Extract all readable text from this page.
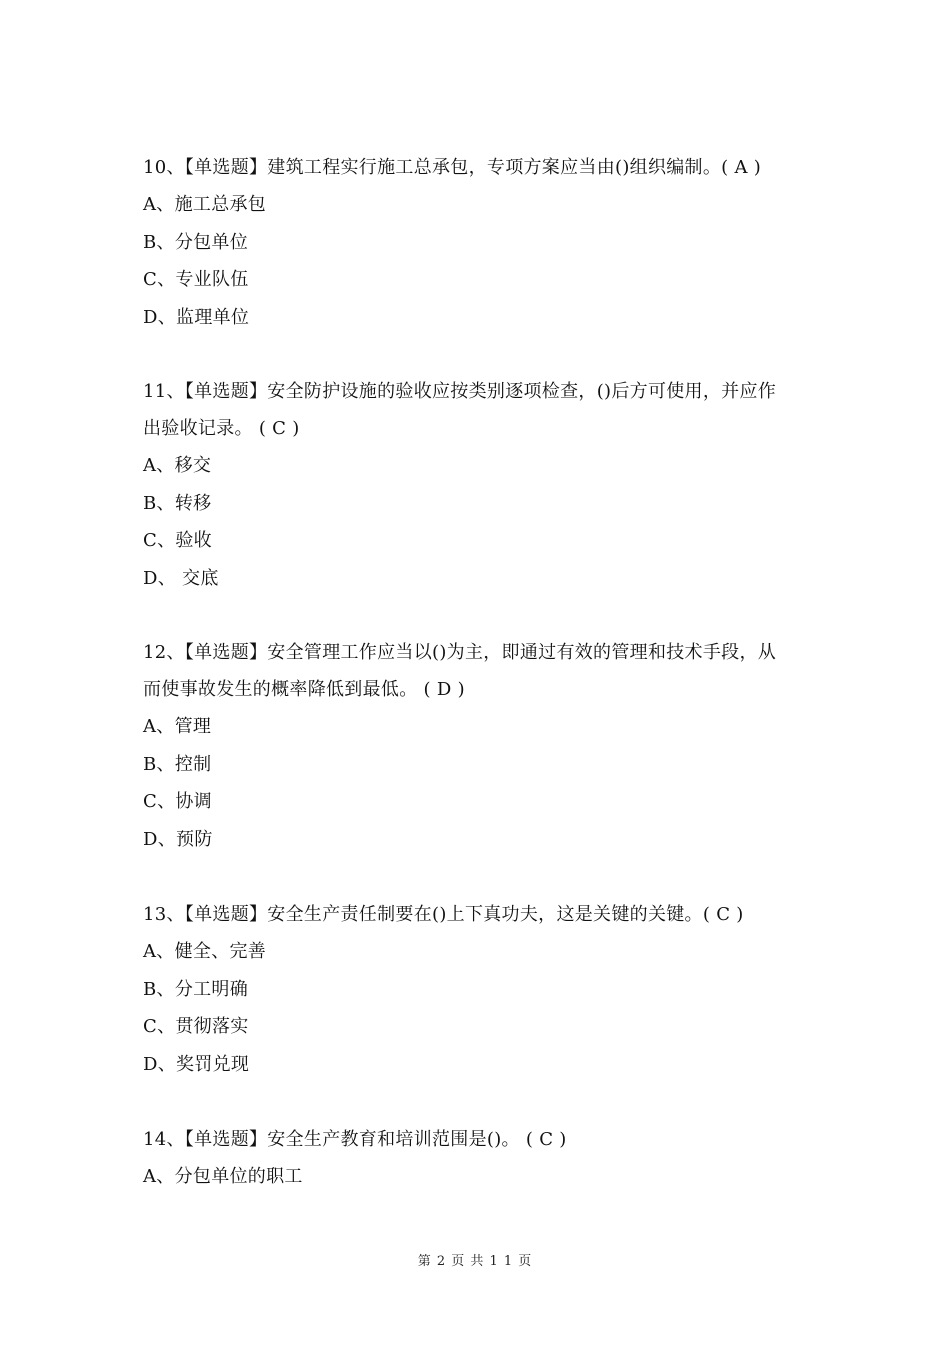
10、【单选题】建筑工程实行施工总承包，专项方案应当由()组织编制。( A )
A、施工总承包
B、分包单位
C、专业队伍
D、监理单位
11、【单选题】安全防护设施的验收应按类别逐项检查，()后方可使用，并应作
出验收记录。 ( C )
A、移交
B、转移
C、验收
D、 交底
12、【单选题】安全管理工作应当以()为主，即通过有效的管理和技术手段，从
而使事故发生的概率降低到最低。 ( D )
A、管理
B、控制
C、协调
D、预防
13、【单选题】安全生产责任制要在()上下真功夫，这是关键的关键。( C )
A、健全、完善
B、分工明确
C、贯彻落实
D、奖罚兑现
14、【单选题】安全生产教育和培训范围是()。 ( C )
A、分包单位的职工
第 2 页 共 1 1 页
